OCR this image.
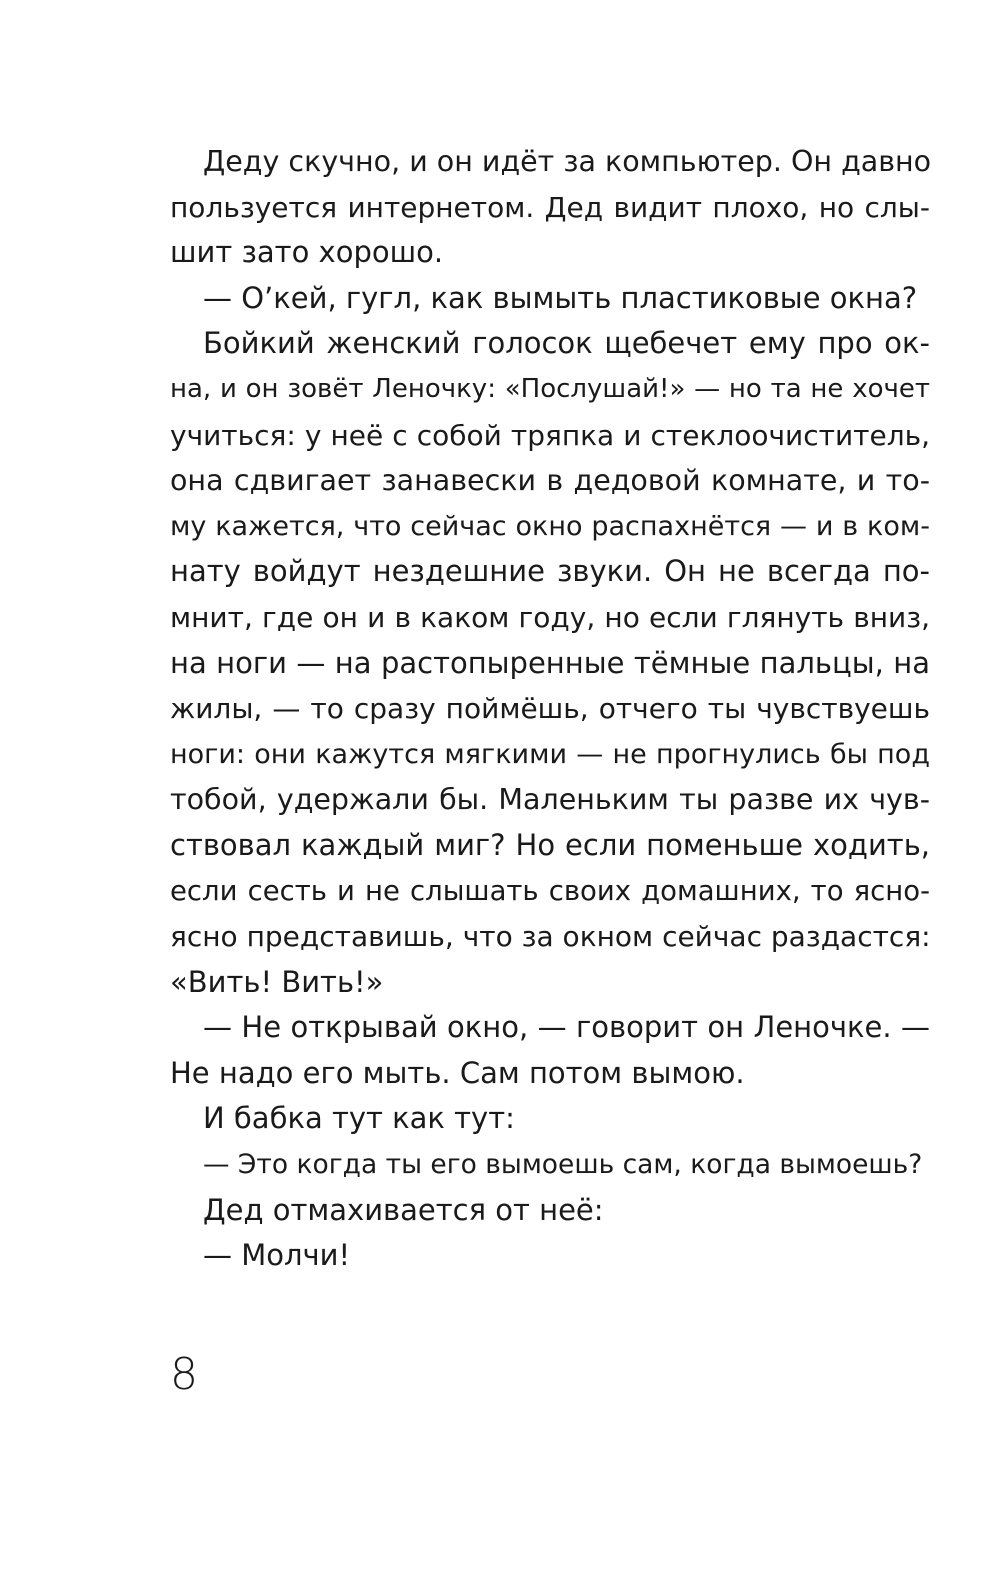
Деду скучно, и он идёт за компьютер. Он давно
пользуется интернетом. Дед видит плохо, но слы-
шит зато хорошо.
— О’кей, гугл, как вымыть пластиковые окна?
Бойкий женский голосок щебечет ему про ок-
на, и он зовёт Леночку: «Послушай!» — но та не хочет
учиться: у неё с собой тряпка и стеклоочиститель,
она сдвигает занавески в дедовой комнате, и то-
му кажется, что сейчас окно распахнётся — и в ком-
нату войдут нездешние звуки. Он не всегда по-
мнит, где он и в каком году, но если глянуть вниз,
на ноги — на растопыренные тёмные пальцы, на
жилы, — то сразу поймёшь, отчего ты чувствуешь
ноги: они кажутся мягкими — не прогнулись бы под
тобой, удержали бы. Маленьким ты разве их чув-
ствовал каждый миг? Но если поменьше ходить,
если сесть и не слышать своих домашних, то ясно-
ясно представишь, что за окном сейчас раздастся:
«Вить! Вить!»
— Не открывай окно, — говорит он Леночке. —
Не надо его мыть. Сам потом вымою.
И бабка тут как тут:
— Это когда ты его вымоешь сам, когда вымоешь?
Дед отмахивается от неё:
— Молчи!
8
